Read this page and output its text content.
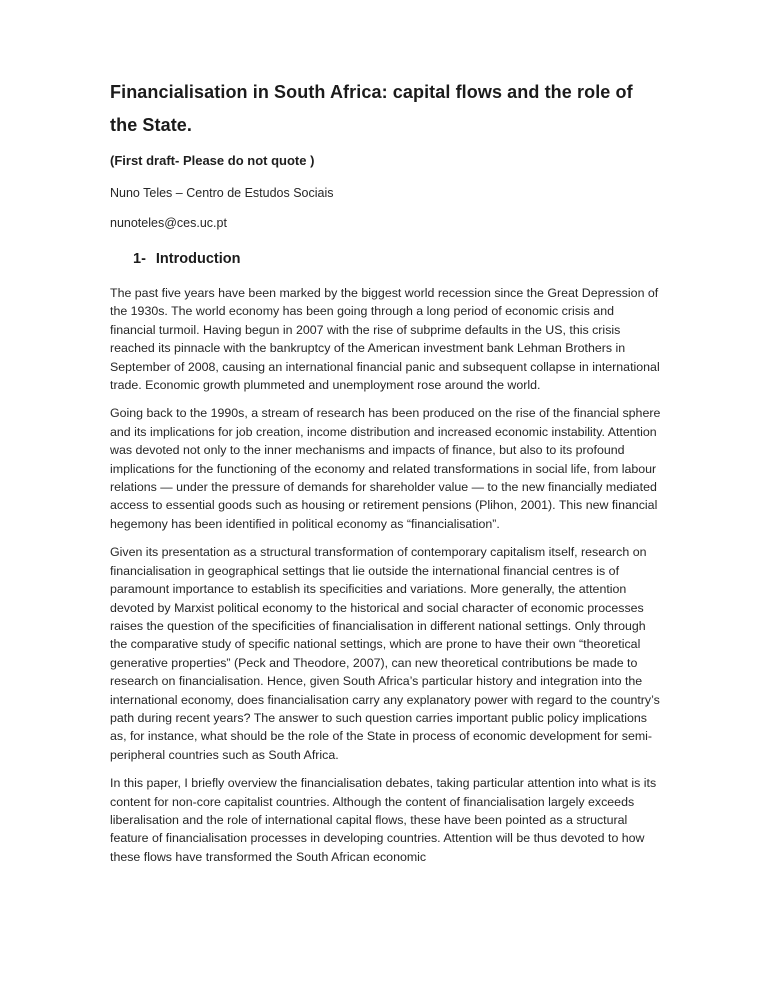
Financialisation in South Africa: capital flows and the role of the State.

(First draft- Please do not quote )

Nuno Teles – Centro de Estudos Sociais

nunoteles@ces.uc.pt

1- Introduction

The past five years have been marked by the biggest world recession since the Great Depression of the 1930s. The world economy has been going through a long period of economic crisis and financial turmoil. Having begun in 2007 with the rise of subprime defaults in the US, this crisis reached its pinnacle with the bankruptcy of the American investment bank Lehman Brothers in September of 2008, causing an international financial panic and subsequent collapse in international trade. Economic growth plummeted and unemployment rose around the world.

Going back to the 1990s, a stream of research has been produced on the rise of the financial sphere and its implications for job creation, income distribution and increased economic instability. Attention was devoted not only to the inner mechanisms and impacts of finance, but also to its profound implications for the functioning of the economy and related transformations in social life, from labour relations — under the pressure of demands for shareholder value — to the new financially mediated access to essential goods such as housing or retirement pensions (Plihon, 2001). This new financial hegemony has been identified in political economy as “financialisation”.

Given its presentation as a structural transformation of contemporary capitalism itself, research on financialisation in geographical settings that lie outside the international financial centres is of paramount importance to establish its specificities and variations. More generally, the attention devoted by Marxist political economy to the historical and social character of economic processes raises the question of the specificities of financialisation in different national settings. Only through the comparative study of specific national settings, which are prone to have their own “theoretical generative properties” (Peck and Theodore, 2007), can new theoretical contributions be made to research on financialisation. Hence, given South Africa’s particular history and integration into the international economy, does financialisation carry any explanatory power with regard to the country’s path during recent years? The answer to such question carries important public policy implications as, for instance, what should be the role of the State in process of economic development for semi-peripheral countries such as South Africa.

In this paper, I briefly overview the financialisation debates, taking particular attention into what is its content for non-core capitalist countries. Although the content of financialisation largely exceeds liberalisation and the role of international capital flows, these have been pointed as a structural feature of financialisation processes in developing countries. Attention will be thus devoted to how these flows have transformed the South African economic
